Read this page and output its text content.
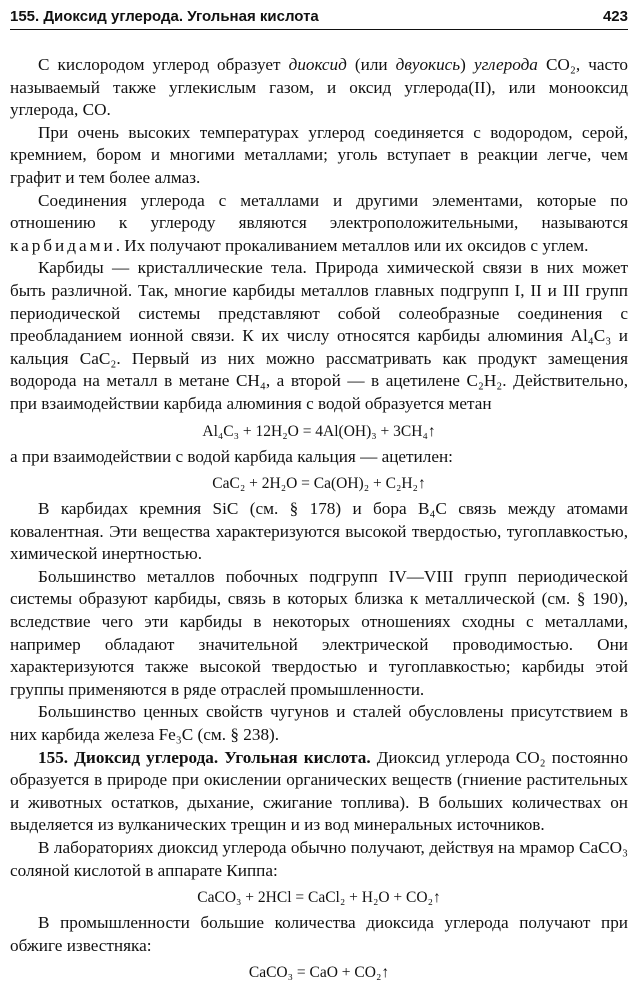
155. Диоксид углерода. Угольная кислота	423

С кислородом углерод образует диоксид (или двуокись) углерода CO₂, часто называемый также углекислым газом, и оксид углерода(II), или монооксид углерода, CO.

При очень высоких температурах углерод соединяется с водородом, серой, кремнием, бором и многими металлами; уголь вступает в реакции легче, чем графит и тем более алмаз.

Соединения углерода с металлами и другими элементами, которые по отношению к углероду являются электроположительными, называются карбидами. Их получают прокаливанием металлов или их оксидов с углем.

Карбиды — кристаллические тела. Природа химической связи в них может быть различной. Так, многие карбиды металлов главных подгрупп I, II и III групп периодической системы представляют собой солеобразные соединения с преобладанием ионной связи. К их числу относятся карбиды алюминия Al₄C₃ и кальция CaC₂. Первый из них можно рассматривать как продукт замещения водорода на металл в метане CH₄, а второй — в ацетилене C₂H₂. Действительно, при взаимодействии карбида алюминия с водой образуется метан

Al₄C₃ + 12H₂O = 4Al(OH)₃ + 3CH₄↑

а при взаимодействии с водой карбида кальция — ацетилен:

CaC₂ + 2H₂O = Ca(OH)₂ + C₂H₂↑

В карбидах кремния SiC (см. § 178) и бора B₄C связь между атомами ковалентная. Эти вещества характеризуются высокой твердостью, тугоплавкостью, химической инертностью.

Большинство металлов побочных подгрупп IV—VIII групп периодической системы образуют карбиды, связь в которых близка к металлической (см. § 190), вследствие чего эти карбиды в некоторых отношениях сходны с металлами, например обладают значительной электрической проводимостью. Они характеризуются также высокой твердостью и тугоплавкостью; карбиды этой группы применяются в ряде отраслей промышленности.

Большинство ценных свойств чугунов и сталей обусловлены присутствием в них карбида железа Fe₃C (см. § 238).

155. Диоксид углерода. Угольная кислота. Диоксид углерода CO₂ постоянно образуется в природе при окислении органических веществ (гниение растительных и животных остатков, дыхание, сжигание топлива). В больших количествах он выделяется из вулканических трещин и из вод минеральных источников.

В лабораториях диоксид углерода обычно получают, действуя на мрамор CaCO₃ соляной кислотой в аппарате Киппа:

CaCO₃ + 2HCl = CaCl₂ + H₂O + CO₂↑

В промышленности большие количества диоксида углерода получают при обжиге известняка:

CaCO₃ = CaO + CO₂↑
